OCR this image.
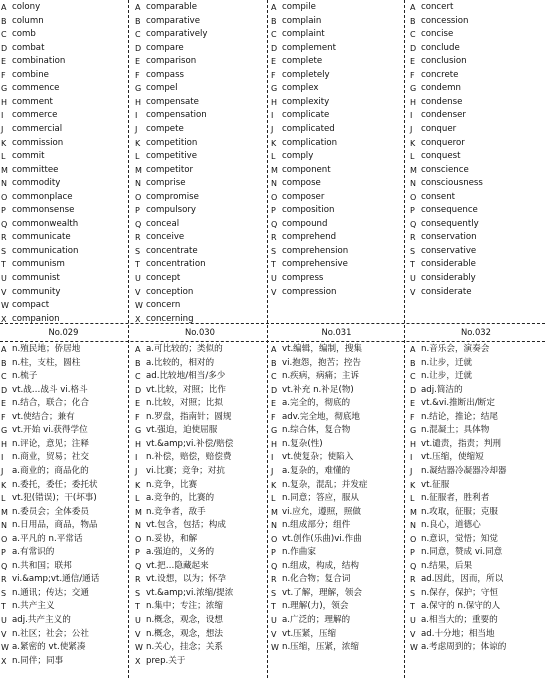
A colony
B column
C comb
D combat
E combination
F combine
G commence
H comment
I	commerce
J	commercial
K commission
L commit
M committee
N commodity
O commonplace
P commonsense
Q commonwealth
R communicate
S communication
T communism
U communist
V community
W compact
X companion
A comparable
B comparative
C comparatively
D compare
E comparison
F compass
G compel
H compensate
I	compensation
J	compete
K competition
L competitive
M competitor
N comprise
O compromise
P compulsory
Q conceal
R conceive
S concentrate
T concentration
U concept
V conception
W concern
X concerning
A compile
B complain
C complaint
D complement
E complete
F completely
G complex
H complexity
I	complicate
J	complicated
K complication
L comply
M component
N compose
O composer
P composition
Q compound
R comprehend
S comprehension
T comprehensive
U compress
V compression
A concert
B concession
C concise
D conclude
E conclusion
F concrete
G condemn
H condense
I	condenser
J	conquer
K conqueror
L conquest
M conscience
N consciousness
O consent
P consequence
Q consequently
R conservation
S conservative
T considerable
U considerably
V considerate
A n.殖民地；侨居地
B n.柱，支柱，圆柱
C n.梳子
D vt.战…战斗 vi.格斗
E n.结合，联合；化合
F vt.使结合；兼有
G vt.开始 vi.获得学位
H n.评论，意见；注释
I	n.商业，贸易；社交
J	a.商业的；商品化的
K n.委托，委任；委托状
L vt.犯(错误)；干(坏事)
M n.委员会；全体委员
N n.日用品，商品，物品
O a.平凡的 n.平常话
P a.有常识的
Q n.共和国；联邦
R vi.&amp;vt.通信/通话
S n.通讯；传达；交通
T n.共产主义
U adj.共产主义的
V n.社区；社会；公社
W a.紧密的 vt.使紧凑
X n.同伴；同事
A a.可比较的；类似的
B a.比较的，相对的
C ad.比较地/相当/多少
D vt.比较，对照；比作
E n.比较，对照；比拟
F n.罗盘，指南针；圆规
G vt.强迫，迫使屈服
H vt.&amp;vi.补偿/赔偿
I	n.补偿，赔偿，赔偿费
J	vi.比赛；竞争；对抗
K n.竞争，比赛
L a.竞争的，比赛的
M n.竞争者，敌手
N vt.包含，包括；构成
O n.妥协，和解
P a.强迫的，义务的
Q vt.把…隐藏起来
R vt.设想，以为；怀孕
S vt.&amp;vi.浓缩/提浓
T n.集中；专注；浓缩
U n.概念，观念，设想
V n.概念，观念，想法
W n.关心，挂念；关系
X prep.关于
A vt.编辑，编制，搜集
B vi.抱怨，抱苦；控告
C n.疾病，病痛；主诉
D vt.补充 n.补足(物)
E a.完全的，彻底的
F adv.完全地，彻底地
G n.综合体，复合物
H n.复杂(性)
I	vt.使复杂；使陷入
J	a.复杂的，难懂的
K n.复杂，混乱；并发症
L n.同意；答应，服从
M vi.应允，遵照，照做
N n.组成部分；组件
O vt.创作(乐曲)vi.作曲
P n.作曲家
Q n.组成，构成，结构
R n.化合物；复合词
S vt.了解，理解，领会
T n.理解(力)，领会
U a.广泛的；理解的
V vt.压紧，压缩
W n.压缩，压紧，浓缩
A n.音乐会，演奏会
B n.让步，迁就
C n.让步，迁就
D adj.简洁的
E vt.&vi.推断出/断定
F n.结论，推论；结尾
G n.混凝土；具体物
H vt.谴责，指责；判刑
I	vt.压缩，使缩短
J	n.凝结器冷凝器冷却器
K vt.征服
L n.征服者，胜利者
M n.攻取，征服；克服
N n.良心，道德心
O n.意识，觉悟；知觉
P n.同意，赞成 vi.同意
Q n.结果，后果
R ad.因此，因而，所以
S n.保存，保护；守恒
T a.保守的 n.保守的人
U a.相当大的；重要的
V ad.十分地；相当地
W a.考虑周到的；体谅的
No.029	No.030	No.031	No.032
